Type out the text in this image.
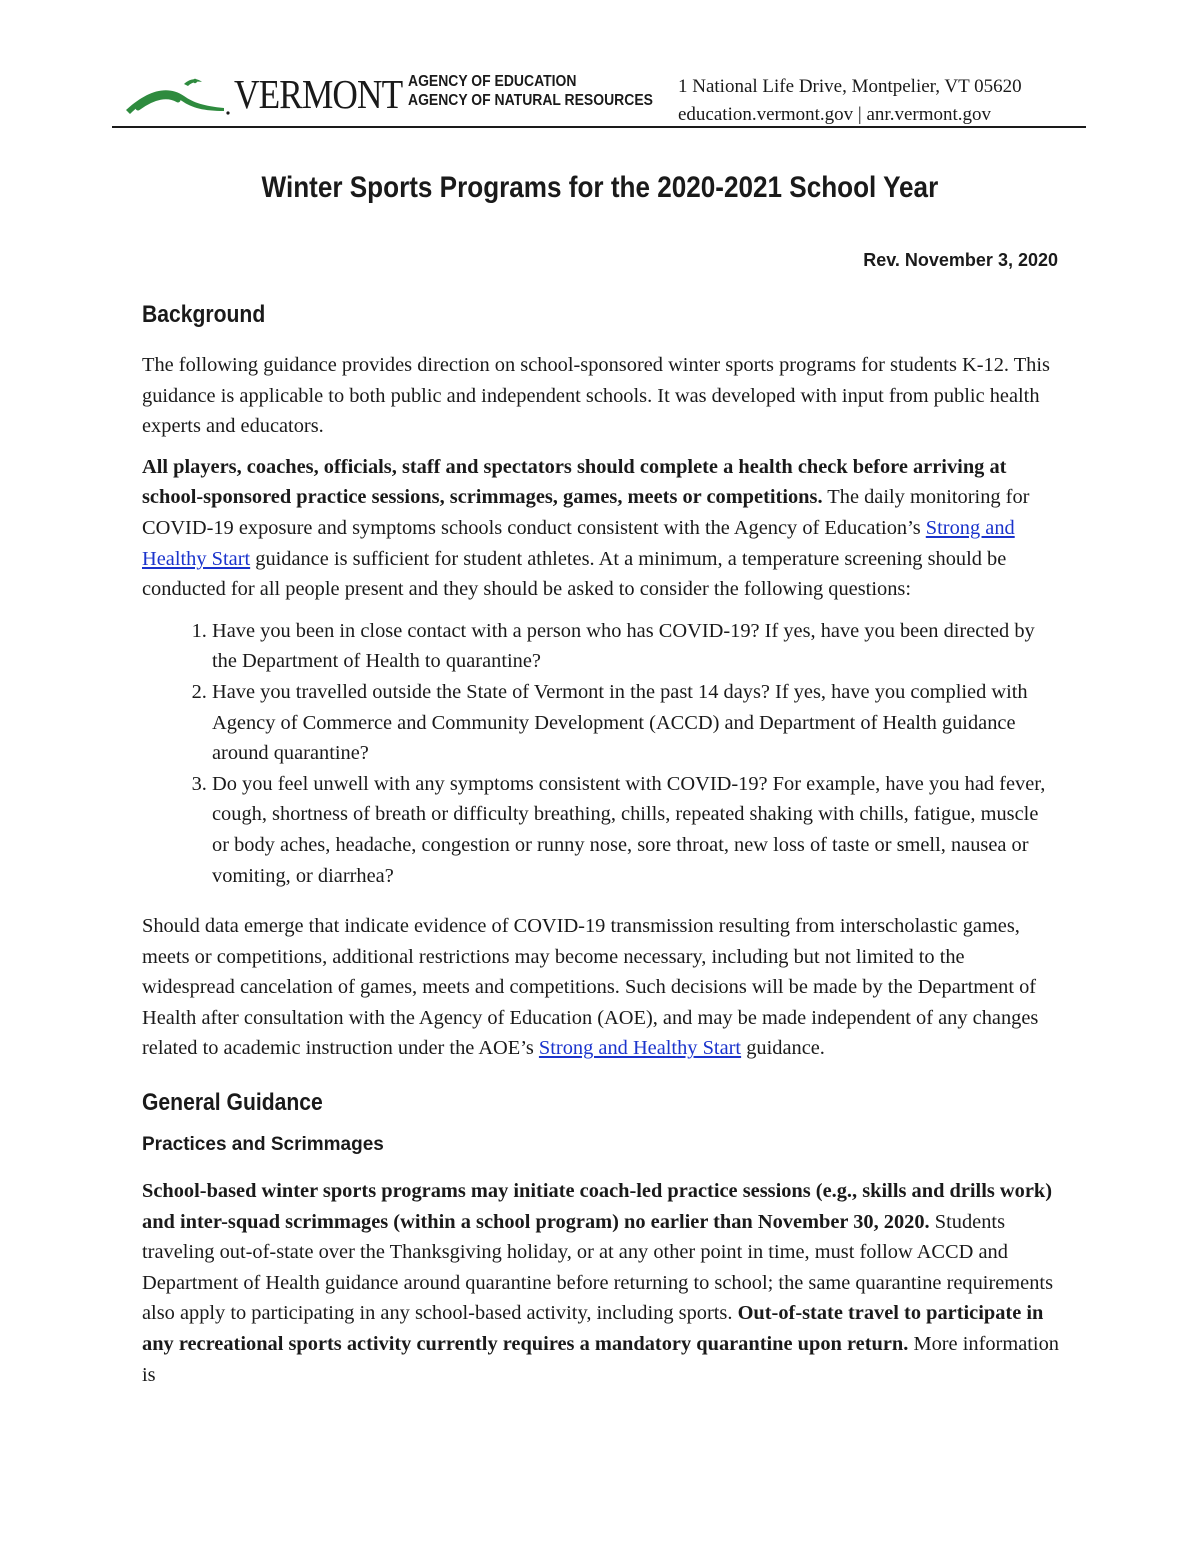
VERMONT AGENCY OF EDUCATION
AGENCY OF NATURAL RESOURCES
1 National Life Drive, Montpelier, VT 05620
education.vermont.gov | anr.vermont.gov
Winter Sports Programs for the 2020-2021 School Year
Rev. November 3, 2020
Background

The following guidance provides direction on school-sponsored winter sports programs for students K-12. This guidance is applicable to both public and independent schools. It was developed with input from public health experts and educators.

All players, coaches, officials, staff and spectators should complete a health check before arriving at school-sponsored practice sessions, scrimmages, games, meets or competitions. The daily monitoring for COVID-19 exposure and symptoms schools conduct consistent with the Agency of Education’s Strong and Healthy Start guidance is sufficient for student athletes. At a minimum, a temperature screening should be conducted for all people present and they should be asked to consider the following questions:

1. Have you been in close contact with a person who has COVID-19? If yes, have you been directed by the Department of Health to quarantine?
2. Have you travelled outside the State of Vermont in the past 14 days? If yes, have you complied with Agency of Commerce and Community Development (ACCD) and Department of Health guidance around quarantine?
3. Do you feel unwell with any symptoms consistent with COVID-19? For example, have you had fever, cough, shortness of breath or difficulty breathing, chills, repeated shaking with chills, fatigue, muscle or body aches, headache, congestion or runny nose, sore throat, new loss of taste or smell, nausea or vomiting, or diarrhea?

Should data emerge that indicate evidence of COVID-19 transmission resulting from interscholastic games, meets or competitions, additional restrictions may become necessary, including but not limited to the widespread cancelation of games, meets and competitions. Such decisions will be made by the Department of Health after consultation with the Agency of Education (AOE), and may be made independent of any changes related to academic instruction under the AOE’s Strong and Healthy Start guidance.

General Guidance
Practices and Scrimmages

School-based winter sports programs may initiate coach-led practice sessions (e.g., skills and drills work) and inter-squad scrimmages (within a school program) no earlier than November 30, 2020. Students traveling out-of-state over the Thanksgiving holiday, or at any other point in time, must follow ACCD and Department of Health guidance around quarantine before returning to school; the same quarantine requirements also apply to participating in any school-based activity, including sports. Out-of-state travel to participate in any recreational sports activity currently requires a mandatory quarantine upon return. More information is
